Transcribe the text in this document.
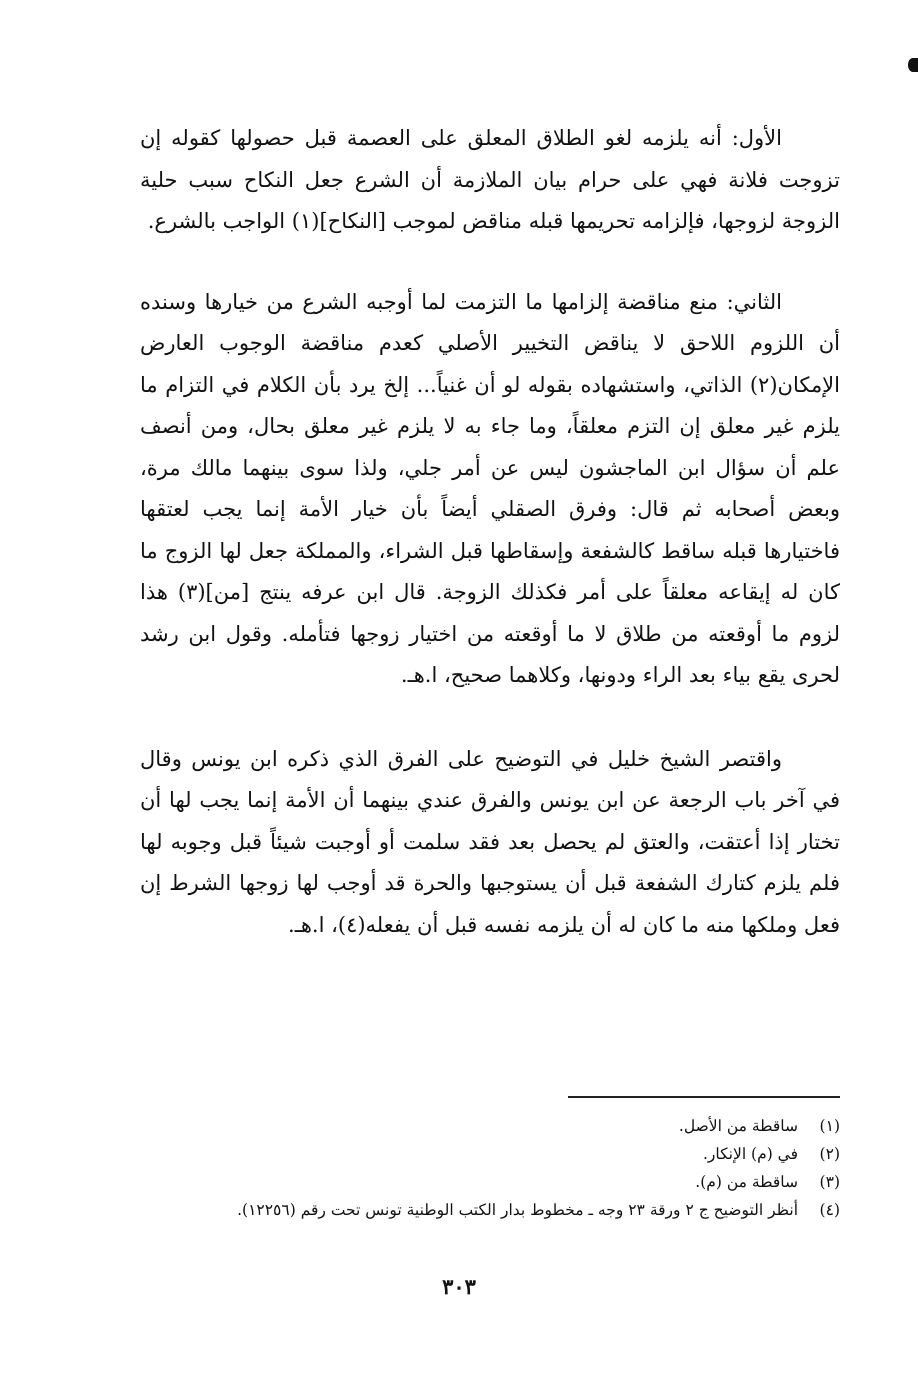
الأول: أنه يلزمه لغو الطلاق المعلق على العصمة قبل حصولها كقوله إن تزوجت فلانة فهي على حرام بيان الملازمة أن الشرع جعل النكاح سبب حلية الزوجة لزوجها، فإلزامه تحريمها قبله مناقض لموجب [النكاح](١) الواجب بالشرع.

الثاني: منع مناقضة إلزامها ما التزمت لما أوجبه الشرع من خيارها وسنده أن اللزوم اللاحق لا يناقض التخيير الأصلي كعدم مناقضة الوجوب العارض الإمكان(٢) الذاتي، واستشهاده بقوله لو أن غنياً... إلخ يرد بأن الكلام في التزام ما يلزم غير معلق إن التزم معلقاً، وما جاء به لا يلزم غير معلق بحال، ومن أنصف علم أن سؤال ابن الماجشون ليس عن أمر جلي، ولذا سوى بينهما مالك مرة، وبعض أصحابه ثم قال: وفرق الصقلي أيضاً بأن خيار الأمة إنما يجب لعتقها فاختيارها قبله ساقط كالشفعة وإسقاطها قبل الشراء، والمملكة جعل لها الزوج ما كان له إيقاعه معلقاً على أمر فكذلك الزوجة. قال ابن عرفه ينتج [من](٣) هذا لزوم ما أوقعته من طلاق لا ما أوقعته من اختيار زوجها فتأمله. وقول ابن رشد لحرى يقع بياء بعد الراء ودونها، وكلاهما صحيح، ا.هـ.

واقتصر الشيخ خليل في التوضيح على الفرق الذي ذكره ابن يونس وقال في آخر باب الرجعة عن ابن يونس والفرق عندي بينهما أن الأمة إنما يجب لها أن تختار إذا أعتقت، والعتق لم يحصل بعد فقد سلمت أو أوجبت شيئاً قبل وجوبه لها فلم يلزم كتارك الشفعة قبل أن يستوجبها والحرة قد أوجب لها زوجها الشرط إن فعل وملكها منه ما كان له أن يلزمه نفسه قبل أن يفعله(٤)، ا.هـ.

(١)ساقطة من الأصل.
(٢)في (م) الإنكار.
(٣)ساقطة من (م).
(٤)أنظر التوضيح ج ٢ ورقة ٢٣ وجه ـ مخطوط بدار الكتب الوطنية تونس تحت رقم (١٢٢٥٦).
٣٠٣
